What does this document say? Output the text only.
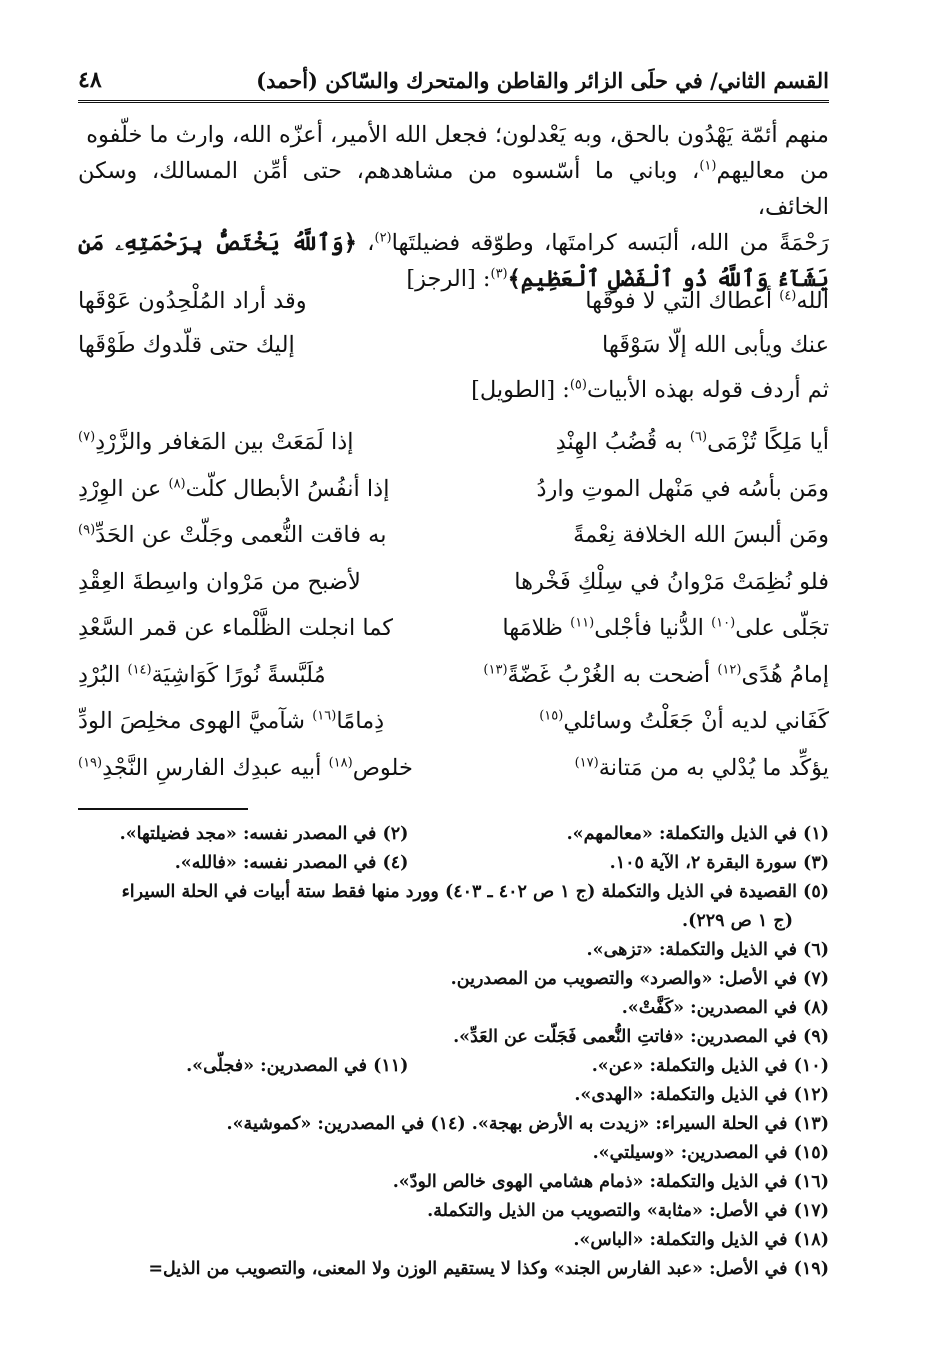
القسم الثاني/ في حلَى الزائر والقاطن والمتحرك والسّاكن (أحمد)
٤٨

منهم أئمّة يَهْدُون بالحق، وبه يَعْدلون؛ فجعل الله الأمير، أعزّه الله، وارث ما خلّفوه

من معاليهم$^{(١)}$، وباني ما أسّسوه من مشاهدهم، حتى أمِّن المسالك، وسكن الخائف،

رَحْمَةً من الله، ألبَسه كرامتَها، وطوّقه فضيلتَها$^{(٢)}$، ﴿وَٱللَّهُ يَخْتَصُّ بِرَحْمَتِهِۦ مَن يَشَآءُ وَٱللَّهُ ذُو ٱلْفَضْلِ ٱلْعَظِيمِ﴾$^{(٣)}$: [الرجز]

الله$^{(٤)}$ أعطاك التي لا فوقَها
وقد أراد المُلْحِدُون عَوْقَها
عنك ويأبى الله إلّا سَوْقَها
إليك حتى قلّدوك طَوْقَها
ثم أردف قوله بهذه الأبيات$^{(٥)}$: [الطويل]
أيا مَلِكًا تُزْمَى$^{(٦)}$ به قُضُبُ الهِنْدِ
إذا لَمَعَتْ بين المَغافر والزَّرْدِ$^{(٧)}$
ومَن بأسُه في مَنْهل الموتِ واردُ
إذا أنفُسُ الأبطال كلّت$^{(٨)}$ عن الوِرْدِ
ومَن ألبسَ الله الخلافة نِعْمةً
به فاقت النُّعمى وجَلّتْ عن الحَدِّ$^{(٩)}$
فلو نُظِمَتْ مَرْوانُ في سِلْكِ فَخْرها
لأضبح من مَرْوان واسِطةَ العِقْدِ
تجَلّى على$^{(١٠)}$ الدُّنيا فأجْلى$^{(١١)}$ ظلامَها
كما انجلت الظَّلْماء عن قمر السَّعْدِ
إمامُ هُدًى$^{(١٢)}$ أضحت به الغُرْبُ غَضّةً$^{(١٣)}$
مُلَبَّسةً نُورًا كَوَاشِيَة$^{(١٤)}$ البُرْدِ
كَفَاني لديه أنْ جَعَلْتُ وسائلي$^{(١٥)}$
ذِمامًا$^{(١٦)}$ شآميَّ الهوى مخلِصَ الودِّ
يؤكِّد ما يُدْلي به من مَتانة$^{(١٧)}$
خلوص$^{(١٨)}$ أبيه عبدِك الفارسِ النَّجْدِ$^{(١٩)}$
(١) في الذيل والتكملة: «معالمهم».
(٢) في المصدر نفسه: «مجد فضيلتها».
(٣) سورة البقرة ٢، الآية ١٠٥.
(٤) في المصدر نفسه: «فالله».
(٥) القصيدة في الذيل والتكملة (ج ١ ص ٤٠٢ ـ ٤٠٣) وورد منها فقط ستة أبيات في الحلة السيراء
(ج ١ ص ٢٢٩).
(٦) في الذيل والتكملة: «تزهى».
(٧) في الأصل: «والصرد» والتصويب من المصدرين.
(٨) في المصدرين: «كَفَّتْ».
(٩) في المصدرين: «فاتتِ النُّعمى فَجَلّت عن العَدِّ».
(١٠) في الذيل والتكملة: «عن».
(١١) في المصدرين: «فجلّى».
(١٢) في الذيل والتكملة: «الهدى».
(١٣) في الحلة السيراء: «زيدت به الأرض بهجة». (١٤) في المصدرين: «كموشية».
(١٥) في المصدرين: «وسيلتي».
(١٦) في الذيل والتكملة: «ذمام هشامي الهوى خالص الودّ».
(١٧) في الأصل: «مثابة» والتصويب من الذيل والتكملة.
(١٨) في الذيل والتكملة: «الباس».
(١٩) في الأصل: «عبد الفارس الجند» وكذا لا يستقيم الوزن ولا المعنى، والتصويب من الذيل=
